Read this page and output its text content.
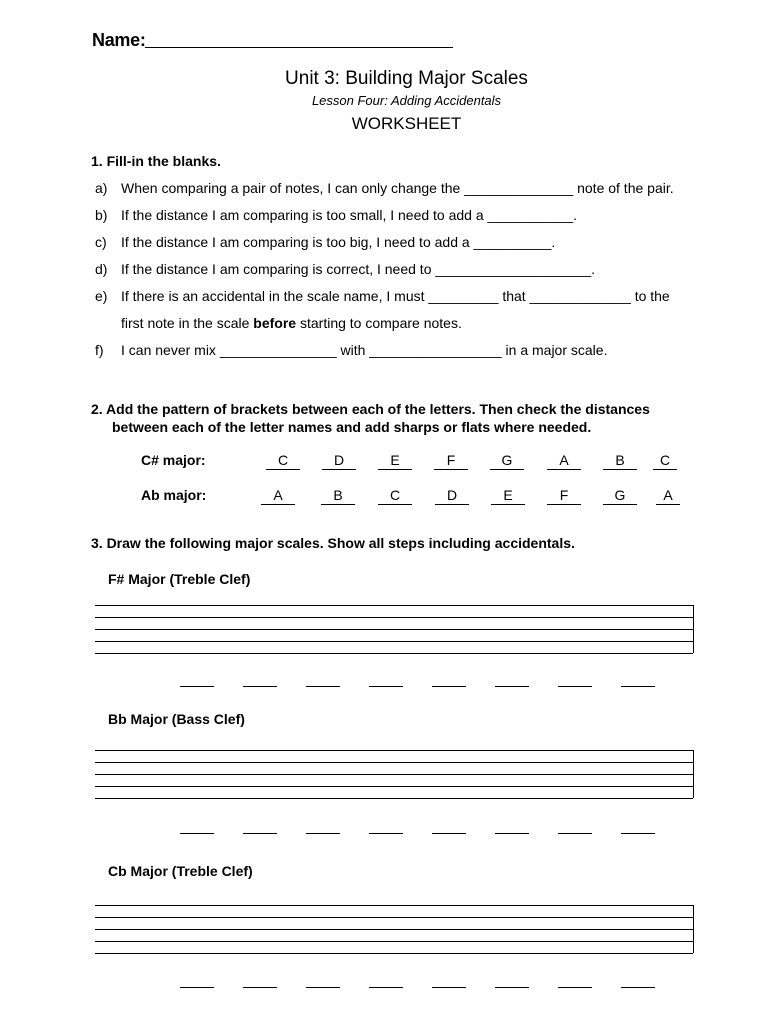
Name:
Unit 3: Building Major Scales
Lesson Four: Adding Accidentals
WORKSHEET
1. Fill-in the blanks.
a) When comparing a pair of notes, I can only change the ______________ note of the pair.
b) If the distance I am comparing is too small, I need to add a ___________.
c) If the distance I am comparing is too big, I need to add a __________.
d) If the distance I am comparing is correct, I need to ____________________.
e) If there is an accidental in the scale name, I must _________ that _____________ to the
first note in the scale before starting to compare notes.
f) I can never mix _______________ with _________________ in a major scale.
2. Add the pattern of brackets between each of the letters. Then check the distances
between each of the letter names and add sharps or flats where needed.
C# major:	C	D	E	F	G	A	B	C
Ab major:	A	B	C	D	E	F	G	A
3. Draw the following major scales. Show all steps including accidentals.
F# Major (Treble Clef)
Bb Major (Bass Clef)
Cb Major (Treble Clef)
